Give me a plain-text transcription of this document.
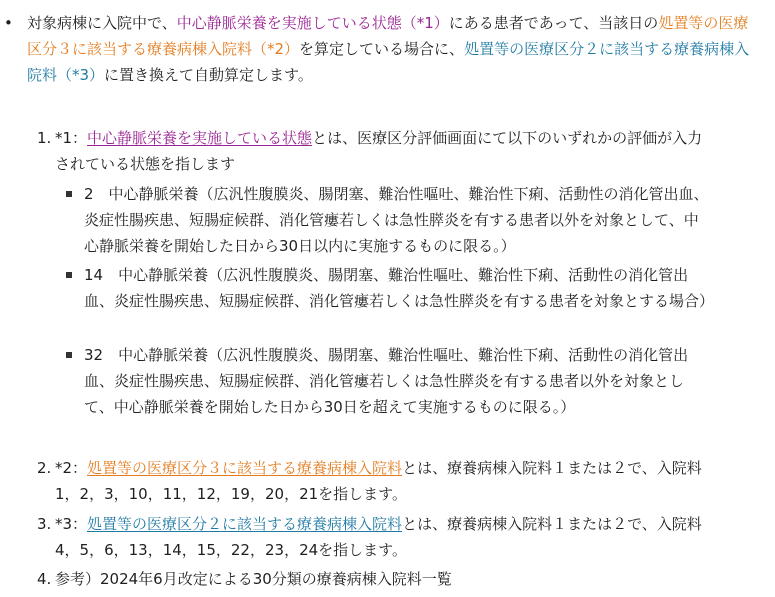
• 対象病棟に入院中で、中心静脈栄養を実施している状態（*1）にある患者であって、当該日の処置等の医療区分３に該当する療養病棟入院料（*2）を算定している場合に、処置等の医療区分２に該当する療養病棟入院料（*3）に置き換えて自動算定します。
1. *1：中心静脈栄養を実施している状態とは、医療区分評価画面にて以下のいずれかの評価が入力されている状態を指します
2　中心静脈栄養（広汎性腹膜炎、腸閉塞、難治性嘔吐、難治性下痢、活動性の消化管出血、炎症性腸疾患、短腸症候群、消化管瘻若しくは急性膵炎を有する患者以外を対象として、中心静脈栄養を開始した日から30日以内に実施するものに限る。）
14　中心静脈栄養（広汎性腹膜炎、腸閉塞、難治性嘔吐、難治性下痢、活動性の消化管出血、炎症性腸疾患、短腸症候群、消化管瘻若しくは急性膵炎を有する患者を対象とする場合）
32　中心静脈栄養（広汎性腹膜炎、腸閉塞、難治性嘔吐、難治性下痢、活動性の消化管出血、炎症性腸疾患、短腸症候群、消化管瘻若しくは急性膵炎を有する患者以外を対象として、中心静脈栄養を開始した日から30日を超えて実施するものに限る。）
2. *2：処置等の医療区分３に該当する療養病棟入院料とは、療養病棟入院料１または２で、入院料1，2，3，10，11，12，19，20，21を指します。
3. *3：処置等の医療区分２に該当する療養病棟入院料とは、療養病棟入院料１または２で、入院料4，5，6，13，14，15，22，23，24を指します。
4. 参考）2024年6月改定による30分類の療養病棟入院料一覧
